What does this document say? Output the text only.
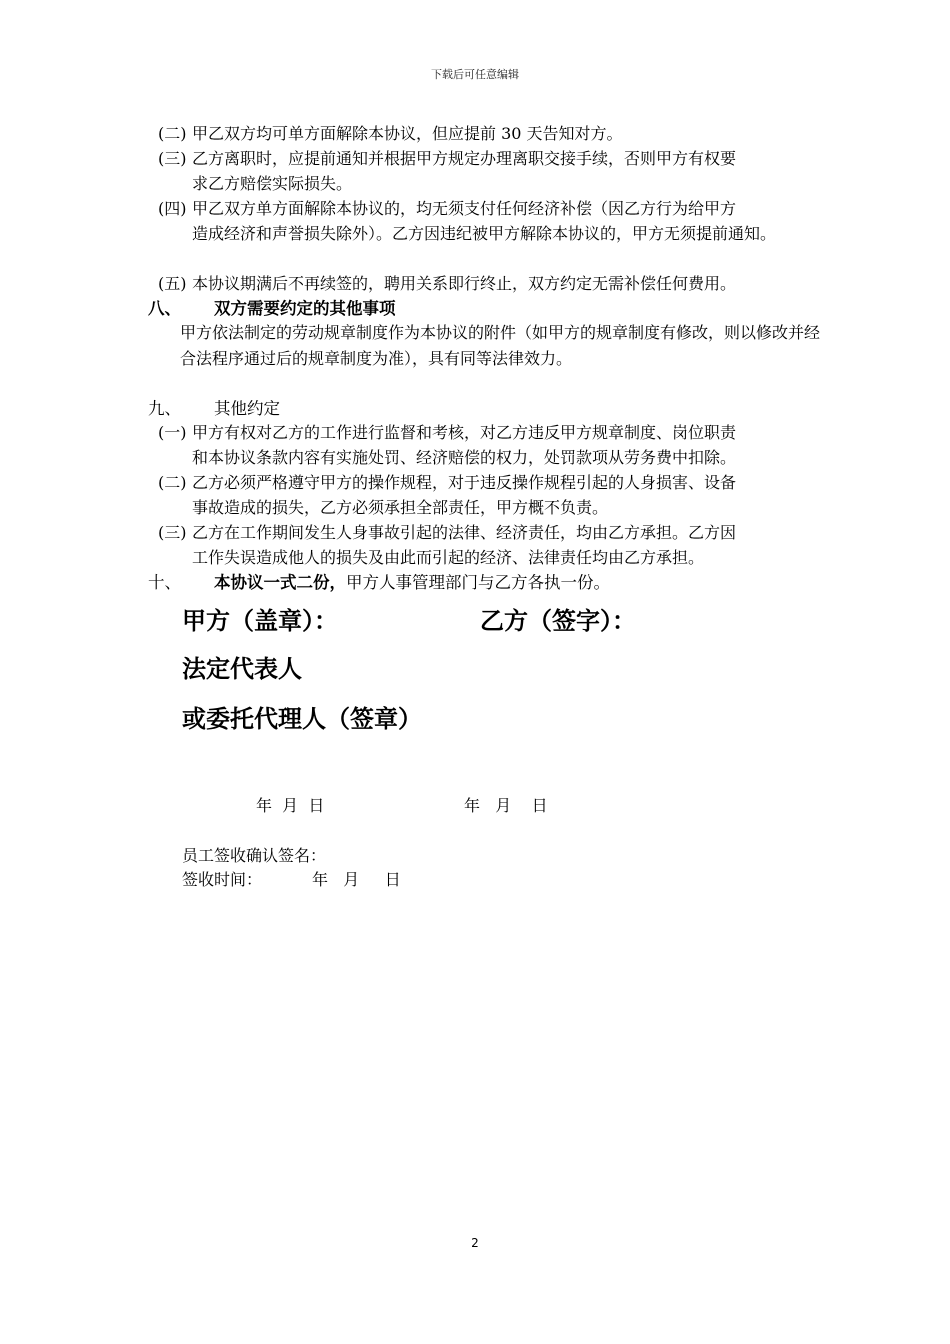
下载后可任意编辑
(二) 甲乙双方均可单方面解除本协议，但应提前 30 天告知对方。
(三) 乙方离职时，应提前通知并根据甲方规定办理离职交接手续，否则甲方有权要
求乙方赔偿实际损失。
(四) 甲乙双方单方面解除本协议的，均无须支付任何经济补偿（因乙方行为给甲方
造成经济和声誉损失除外）。乙方因违纪被甲方解除本协议的，甲方无须提前通知。
(五) 本协议期满后不再续签的，聘用关系即行终止，双方约定无需补偿任何费用。
八、 双方需要约定的其他事项
甲方依法制定的劳动规章制度作为本协议的附件（如甲方的规章制度有修改，则以修改并经合法程序通过后的规章制度为准），具有同等法律效力。
九、 其他约定
(一) 甲方有权对乙方的工作进行监督和考核，对乙方违反甲方规章制度、岗位职责
和本协议条款内容有实施处罚、经济赔偿的权力，处罚款项从劳务费中扣除。
(二) 乙方必须严格遵守甲方的操作规程，对于违反操作规程引起的人身损害、设备
事故造成的损失，乙方必须承担全部责任，甲方概不负责。
(三) 乙方在工作期间发生人身事故引起的法律、经济责任，均由乙方承担。乙方因
工作失误造成他人的损失及由此而引起的经济、法律责任均由乙方承担。
十、 本协议一式二份，甲方人事管理部门与乙方各执一份。
甲方（盖章）：	乙方（签字）：
法定代表人
或委托代理人（签章）
年  月  日	年   月    日
员工签收确认签名：
签收时间：	年   月     日
2
